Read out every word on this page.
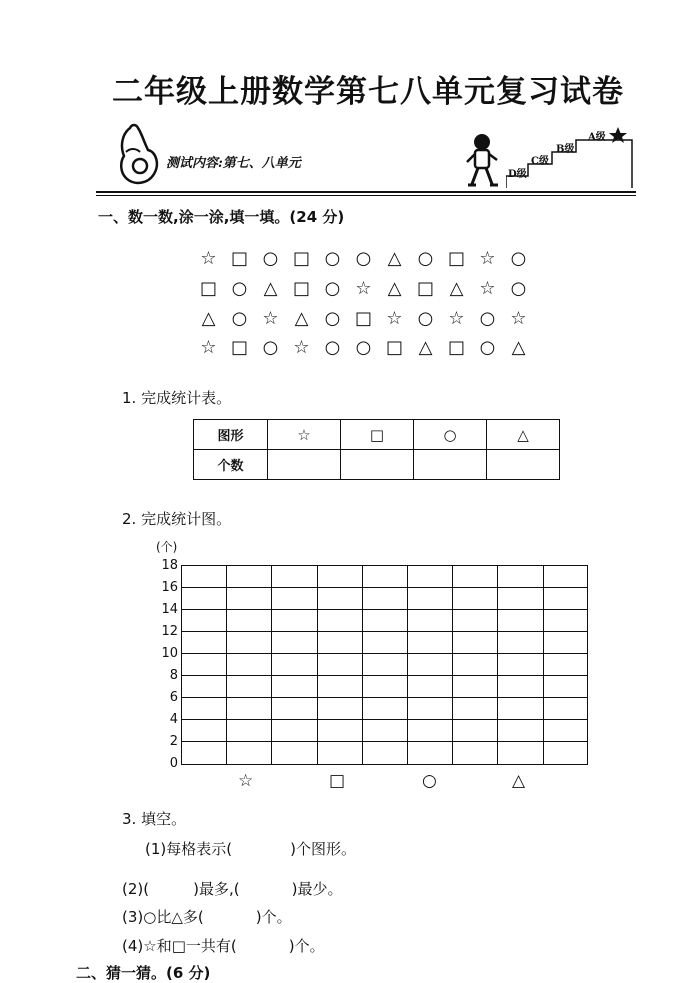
二年级上册数学第七八单元复习试卷
测试内容:第七、八单元
D级
C级
B级
A级
一、数一数,涂一涂,填一填。(24 分)
☆ □ ○ □ ○ ○ △ ○ □ ☆ ○
□ ○ △ □ ○ ☆ △ □ △ ☆ ○
△ ○ ☆ △ ○ □ ☆ ○ ☆ ○ ☆
☆ □ ○ ☆ ○ ○ □ △ □ ○ △
1. 完成统计表。
图形	☆	□	○	△
个数				
2. 完成统计图。
(个)
18
16
14
12
10
8
6
4
2
0
☆	□	○	△
3. 填空。
(1)每格表示(	)个图形。
(2)(	)最多,(	)最少。
(3)○比△多(	)个。
(4)☆和□一共有(	)个。
二、猜一猜。(6 分)
